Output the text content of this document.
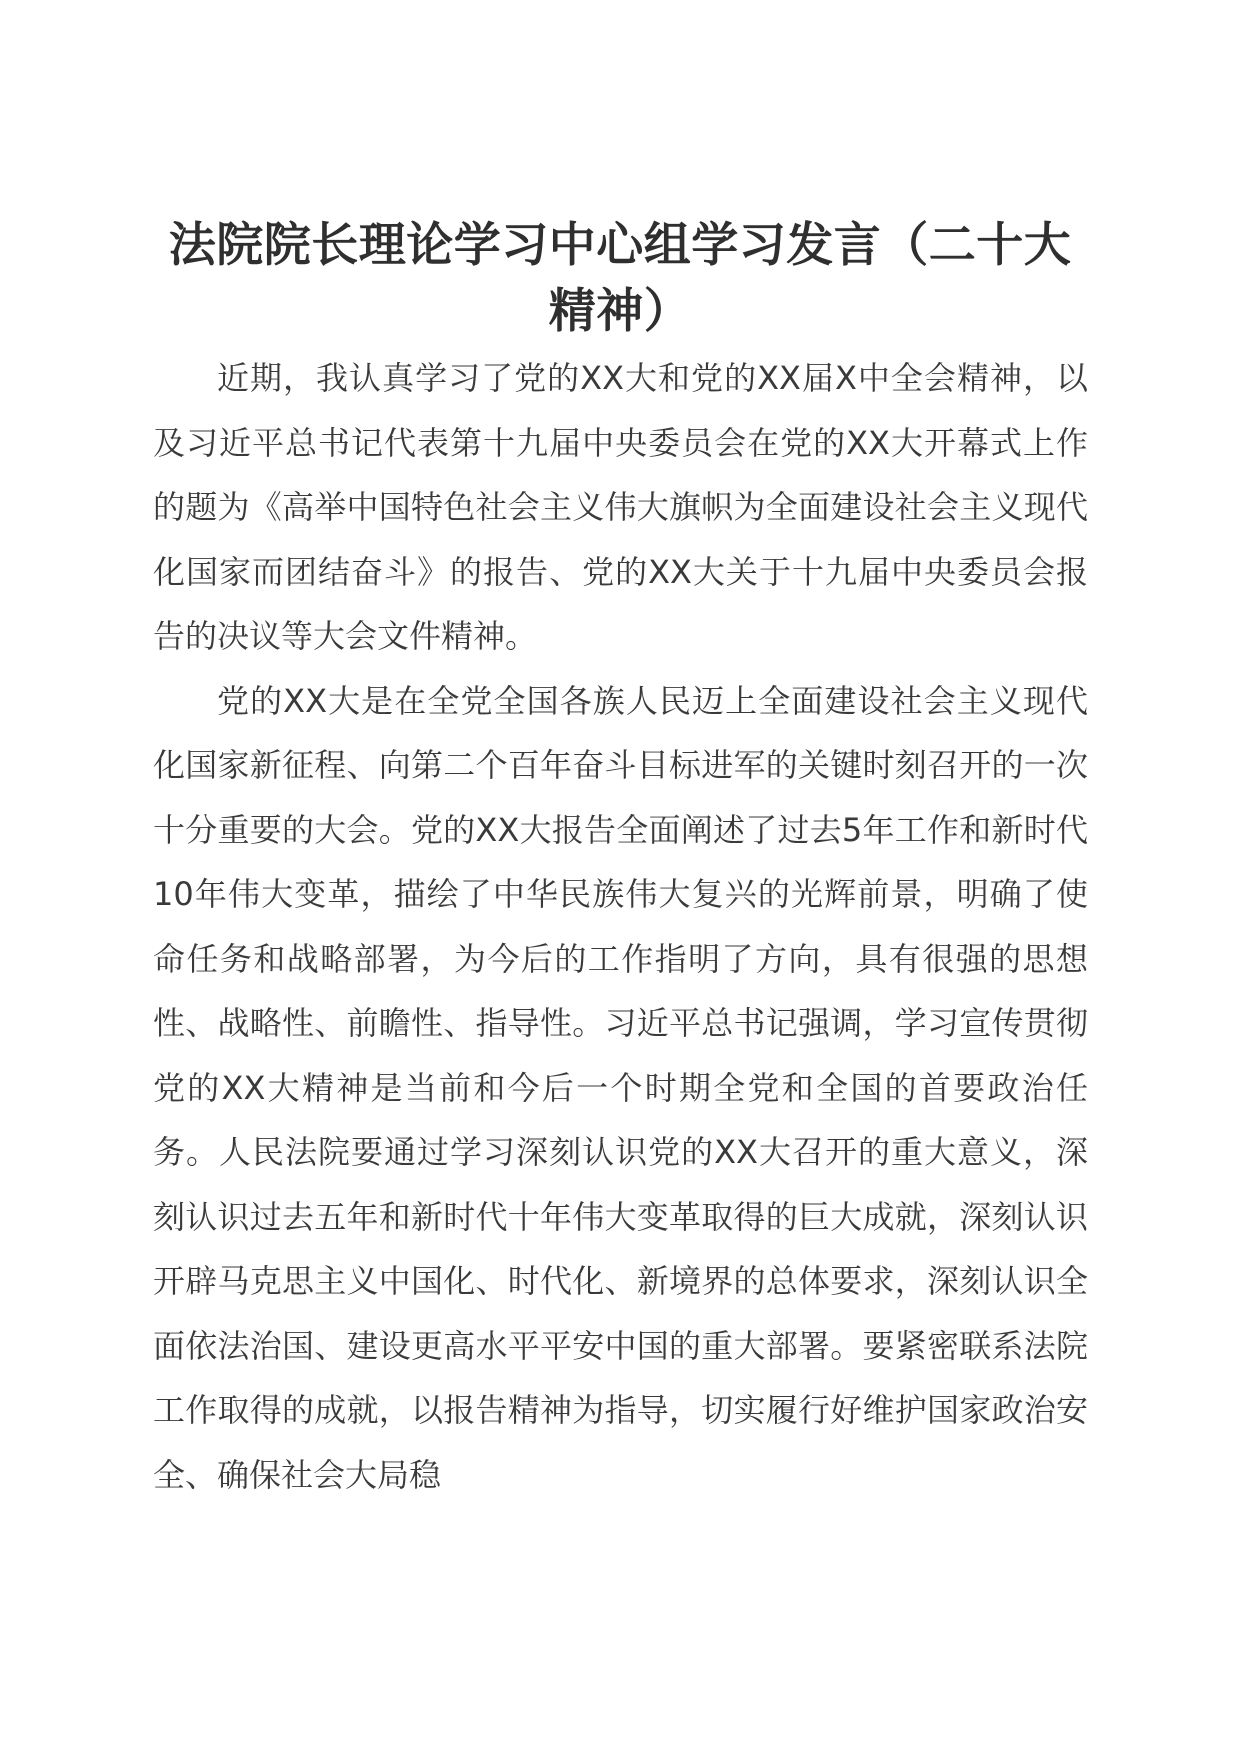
法院院长理论学习中心组学习发言（二十大精神）

近期，我认真学习了党的XX大和党的XX届X中全会精神，以及习近平总书记代表第十九届中央委员会在党的XX大开幕式上作的题为《高举中国特色社会主义伟大旗帜为全面建设社会主义现代化国家而团结奋斗》的报告、党的XX大关于十九届中央委员会报告的决议等大会文件精神。

党的XX大是在全党全国各族人民迈上全面建设社会主义现代化国家新征程、向第二个百年奋斗目标进军的关键时刻召开的一次十分重要的大会。党的XX大报告全面阐述了过去5年工作和新时代10年伟大变革，描绘了中华民族伟大复兴的光辉前景，明确了使命任务和战略部署，为今后的工作指明了方向，具有很强的思想性、战略性、前瞻性、指导性。习近平总书记强调，学习宣传贯彻党的XX大精神是当前和今后一个时期全党和全国的首要政治任务。人民法院要通过学习深刻认识党的XX大召开的重大意义，深刻认识过去五年和新时代十年伟大变革取得的巨大成就，深刻认识开辟马克思主义中国化、时代化、新境界的总体要求，深刻认识全面依法治国、建设更高水平平安中国的重大部署。要紧密联系法院工作取得的成就，以报告精神为指导，切实履行好维护国家政治安全、确保社会大局稳
